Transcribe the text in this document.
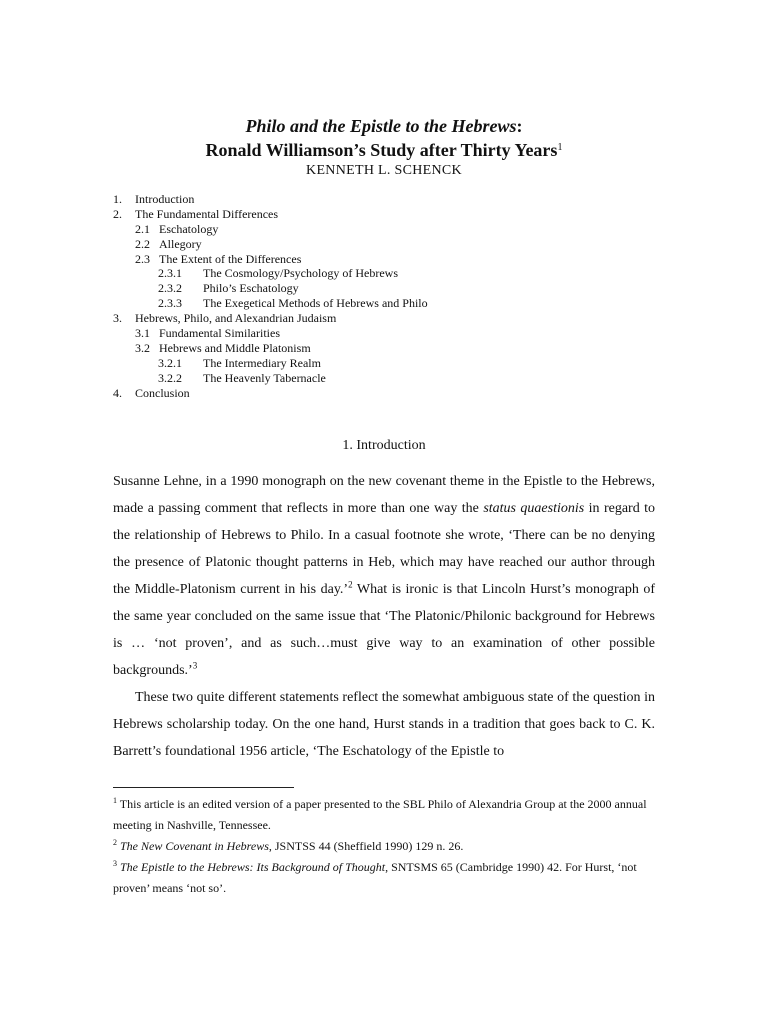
Philo and the Epistle to the Hebrews:
Ronald Williamson’s Study after Thirty Years$^1$
KENNETH L. SCHENCK
1. Introduction
2. The Fundamental Differences
2.1 Eschatology
2.2 Allegory
2.3 The Extent of the Differences
2.3.1 The Cosmology/Psychology of Hebrews
2.3.2 Philo’s Eschatology
2.3.3 The Exegetical Methods of Hebrews and Philo
3. Hebrews, Philo, and Alexandrian Judaism
3.1 Fundamental Similarities
3.2 Hebrews and Middle Platonism
3.2.1 The Intermediary Realm
3.2.2 The Heavenly Tabernacle
4. Conclusion
1. Introduction

Susanne Lehne, in a 1990 monograph on the new covenant theme in the Epistle to the Hebrews, made a passing comment that reflects in more than one way the status quaestionis in regard to the relationship of Hebrews to Philo. In a casual footnote she wrote, ‘There can be no denying the presence of Platonic thought patterns in Heb, which may have reached our author through the Middle-Platonism current in his day.’$^2$ What is ironic is that Lincoln Hurst’s monograph of the same year concluded on the same issue that ‘The Platonic/Philonic background for Hebrews is … ‘not proven’, and as such…must give way to an examination of other possible backgrounds.’$^3$

These two quite different statements reflect the somewhat ambiguous state of the question in Hebrews scholarship today. On the one hand, Hurst stands in a tradition that goes back to C. K. Barrett’s foundational 1956 article, ‘The Eschatology of the Epistle to

$^1$ This article is an edited version of a paper presented to the SBL Philo of Alexandria Group at the 2000 annual meeting in Nashville, Tennessee.

$^2$ The New Covenant in Hebrews, JSNTSS 44 (Sheffield 1990) 129 n. 26.

$^3$ The Epistle to the Hebrews: Its Background of Thought, SNTSMS 65 (Cambridge 1990) 42. For Hurst, ‘not proven’ means ‘not so’.
